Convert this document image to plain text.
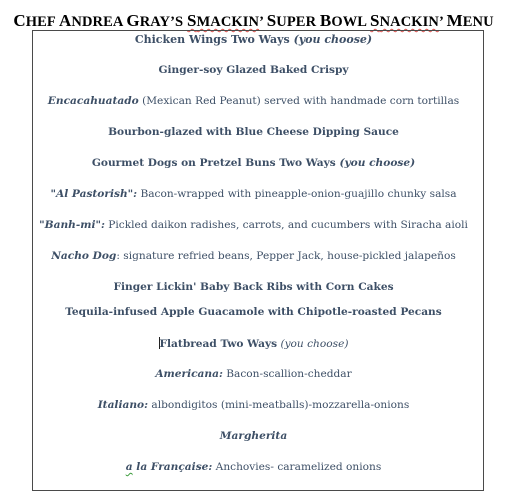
CHEF ANDREA GRAY’S SMACKIN’ SUPER BOWL SNACKIN’ MENU
Chicken Wings Two Ways (you choose)
Ginger-soy Glazed Baked Crispy
Encacahuatado (Mexican Red Peanut) served with handmade corn tortillas
Bourbon-glazed with Blue Cheese Dipping Sauce
Gourmet Dogs on Pretzel Buns Two Ways (you choose)
"Al Pastorish": Bacon-wrapped with pineapple-onion-guajillo chunky salsa
"Banh-mi": Pickled daikon radishes, carrots, and cucumbers with Siracha aioli
Nacho Dog: signature refried beans, Pepper Jack, house-pickled jalapeños
Finger Lickin' Baby Back Ribs with Corn Cakes
Tequila-infused Apple Guacamole with Chipotle-roasted Pecans
Flatbread Two Ways (you choose)
Americana: Bacon-scallion-cheddar
Italiano: albondigitos (mini-meatballs)-mozzarella-onions
Margherita
a la Française: Anchovies- caramelized onions
